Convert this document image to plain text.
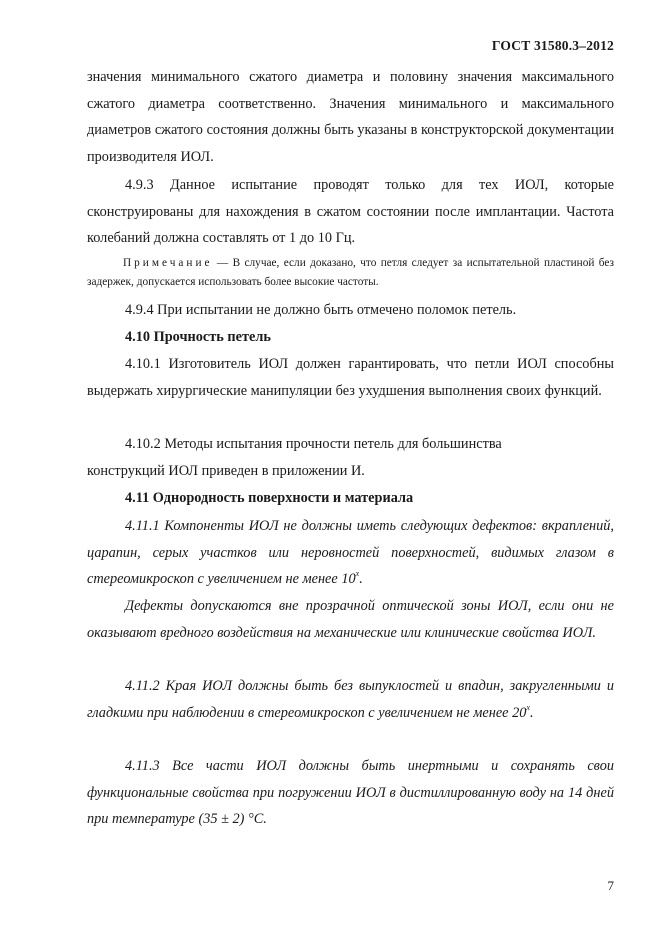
ГОСТ 31580.3–2012
значения минимального сжатого диаметра и половину значения максимального сжатого диаметра соответственно. Значения минимального и максимального диаметров сжатого состояния должны быть указаны в конструкторской документации производителя ИОЛ.
4.9.3 Данное испытание проводят только для тех ИОЛ, которые сконструированы для нахождения в сжатом состоянии после имплантации. Частота колебаний должна составлять от 1 до 10 Гц.
Примечание — В случае, если доказано, что петля следует за испытательной пластиной без задержек, допускается использовать более высокие частоты.
4.9.4 При испытании не должно быть отмечено поломок петель.
4.10 Прочность петель
4.10.1 Изготовитель ИОЛ должен гарантировать, что петли ИОЛ способны выдержать хирургические манипуляции без ухудшения выполнения своих функций.
4.10.2 Методы испытания прочности петель для большинства
конструкций ИОЛ приведен в приложении И.
4.11 Однородность поверхности и материала
4.11.1 Компоненты ИОЛ не должны иметь следующих дефектов: вкраплений, царапин, серых участков или неровностей поверхностей, видимых глазом в стереомикроскоп с увеличением не менее $10^х$.
Дефекты допускаются вне прозрачной оптической зоны ИОЛ, если они не оказывают вредного воздействия на механические или клинические свойства ИОЛ.
4.11.2 Края ИОЛ должны быть без выпуклостей и впадин, закругленными и гладкими при наблюдении в стереомикроскоп с увеличением не менее $20^х$.
4.11.3 Все части ИОЛ должны быть инертными и сохранять свои функциональные свойства при погружении ИОЛ в дистиллированную воду на 14 дней при температуре (35 ± 2) °С.
7
